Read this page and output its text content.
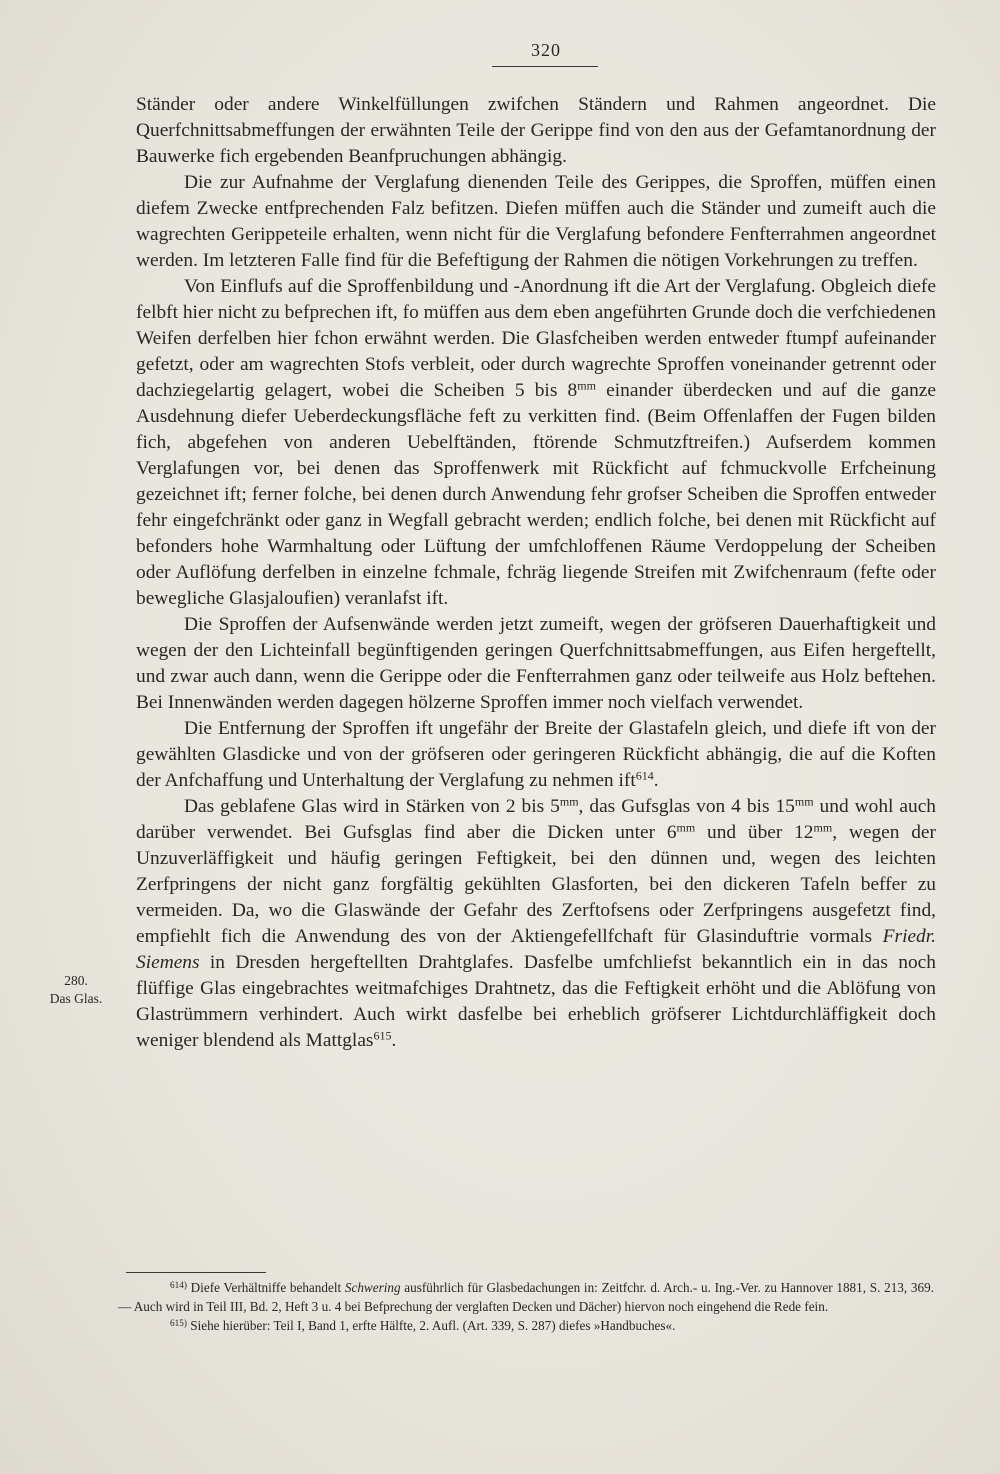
320
280.
Das Glas.

Ständer oder andere Winkelfüllungen zwifchen Ständern und Rahmen angeordnet. Die Querfchnittsabmeffungen der erwähnten Teile der Gerippe find von den aus der Gefamtanordnung der Bauwerke fich ergebenden Beanfpruchungen abhängig.

Die zur Aufnahme der Verglafung dienenden Teile des Gerippes, die Sproffen, müffen einen diefem Zwecke entfprechenden Falz befitzen. Diefen müffen auch die Ständer und zumeift auch die wagrechten Gerippeteile erhalten, wenn nicht für die Verglafung befondere Fenfterrahmen angeordnet werden. Im letzteren Falle find für die Befeftigung der Rahmen die nötigen Vorkehrungen zu treffen.

Von Einflufs auf die Sproffenbildung und -Anordnung ift die Art der Verglafung. Obgleich diefe felbft hier nicht zu befprechen ift, fo müffen aus dem eben angeführten Grunde doch die verfchiedenen Weifen derfelben hier fchon erwähnt werden. Die Glasfcheiben werden entweder ftumpf aufeinander gefetzt, oder am wagrechten Stofs verbleit, oder durch wagrechte Sproffen voneinander getrennt oder dachziegelartig gelagert, wobei die Scheiben 5 bis $8^{mm}$ einander überdecken und auf die ganze Ausdehnung diefer Ueberdeckungsfläche feft zu verkitten find. (Beim Offenlaffen der Fugen bilden fich, abgefehen von anderen Uebelftänden, ftörende Schmutzftreifen.) Aufserdem kommen Verglafungen vor, bei denen das Sproffenwerk mit Rückficht auf fchmuckvolle Erfcheinung gezeichnet ift; ferner folche, bei denen durch Anwendung fehr grofser Scheiben die Sproffen entweder fehr eingefchränkt oder ganz in Wegfall gebracht werden; endlich folche, bei denen mit Rückficht auf befonders hohe Warmhaltung oder Lüftung der umfchloffenen Räume Verdoppelung der Scheiben oder Auflöfung derfelben in einzelne fchmale, fchräg liegende Streifen mit Zwifchenraum (fefte oder bewegliche Glasjaloufien) veranlafst ift.

Die Sproffen der Aufsenwände werden jetzt zumeift, wegen der gröfseren Dauerhaftigkeit und wegen der den Lichteinfall begünftigenden geringen Querfchnittsabmeffungen, aus Eifen hergeftellt, und zwar auch dann, wenn die Gerippe oder die Fenfterrahmen ganz oder teilweife aus Holz beftehen. Bei Innenwänden werden dagegen hölzerne Sproffen immer noch vielfach verwendet.

Die Entfernung der Sproffen ift ungefähr der Breite der Glastafeln gleich, und diefe ift von der gewählten Glasdicke und von der gröfseren oder geringeren Rückficht abhängig, die auf die Koften der Anfchaffung und Unterhaltung der Verglafung zu nehmen ift$^{614}$.

Das geblafene Glas wird in Stärken von 2 bis $5^{mm}$, das Gufsglas von 4 bis $15^{mm}$ und wohl auch darüber verwendet. Bei Gufsglas find aber die Dicken unter $6^{mm}$ und über $12^{mm}$, wegen der Unzuverläffigkeit und häufig geringen Feftigkeit, bei den dünnen und, wegen des leichten Zerfpringens der nicht ganz forgfältig gekühlten Glasforten, bei den dickeren Tafeln beffer zu vermeiden. Da, wo die Glaswände der Gefahr des Zerftofsens oder Zerfpringens ausgefetzt find, empfiehlt fich die Anwendung des von der Aktiengefellfchaft für Glasinduftrie vormals Friedr. Siemens in Dresden hergeftellten Drahtglafes. Dasfelbe umfchliefst bekanntlich ein in das noch flüffige Glas eingebrachtes weitmafchiges Drahtnetz, das die Feftigkeit erhöht und die Ablöfung von Glastrümmern verhindert. Auch wirkt dasfelbe bei erheblich gröfserer Lichtdurchläffigkeit doch weniger blendend als Mattglas$^{615}$.

$^{614)}$ Diefe Verhältniffe behandelt Schwering ausführlich für Glasbedachungen in: Zeitfchr. d. Arch.- u. Ing.-Ver. zu Hannover 1881, S. 213, 369. — Auch wird in Teil III, Bd. 2, Heft 3 u. 4 bei Befprechung der verglaften Decken und Dächer) hiervon noch eingehend die Rede fein.

$^{615)}$ Siehe hierüber: Teil I, Band 1, erfte Hälfte, 2. Aufl. (Art. 339, S. 287) diefes »Handbuches«.
